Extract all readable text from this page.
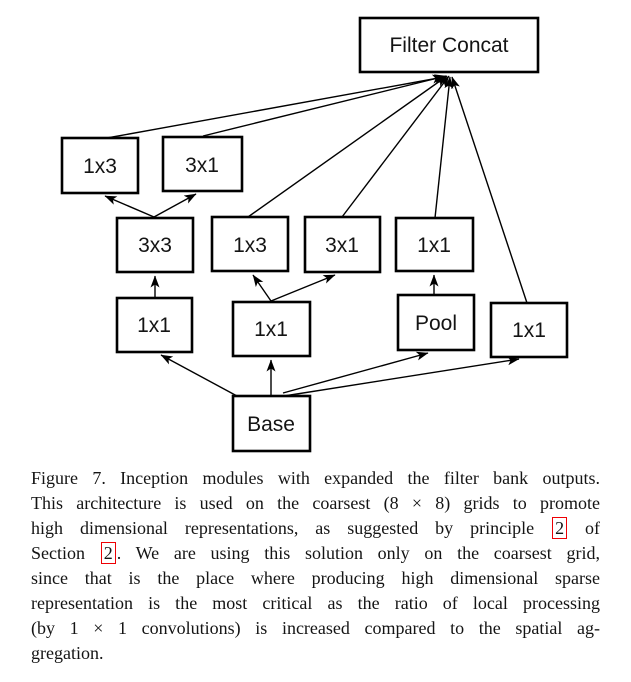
Filter Concat
1x3	3x1
3x3	1x3	3x1	1x1
1x1	1x1	Pool	1x1
Base
Figure 7. Inception modules with expanded the filter bank outputs.
This architecture is used on the coarsest (8 × 8) grids to promote
high dimensional representations, as suggested by principle 2 of
Section 2 . We are using this solution only on the coarsest grid,
since that is the place where producing high dimensional sparse
representation is the most critical as the ratio of local processing
(by 1 × 1 convolutions) is increased compared to the spatial ag-
gregation.
